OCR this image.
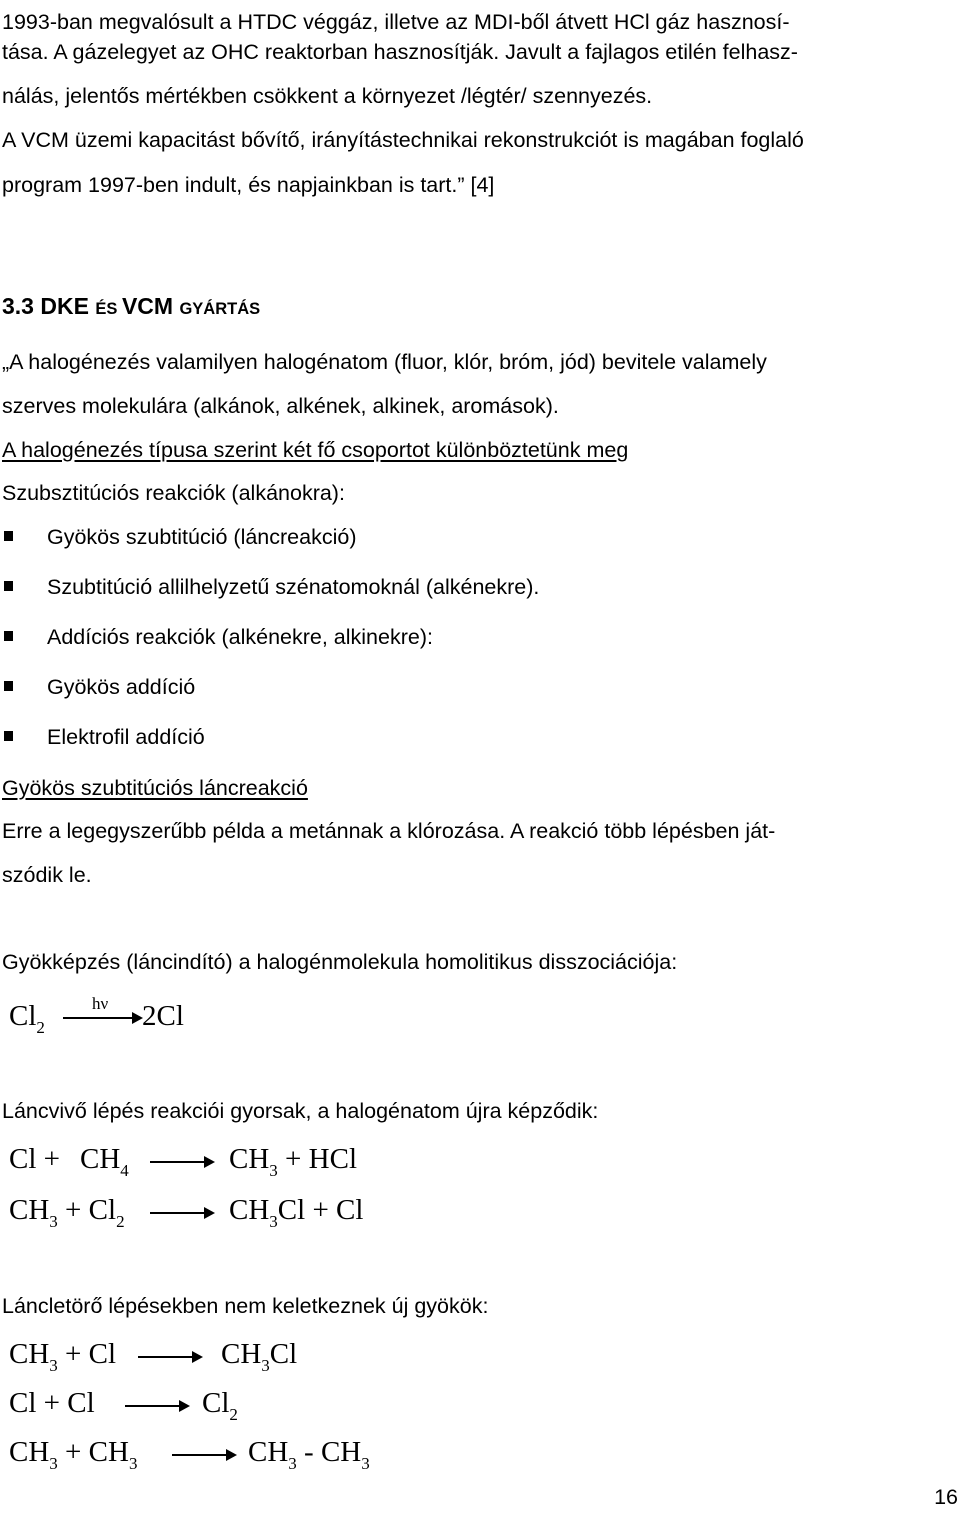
1993-ban megvalósult a HTDC véggáz, illetve az MDI-ből átvett HCl gáz hasznosí-

tása. A gázelegyet az OHC reaktorban hasznosítják. Javult a fajlagos etilén felhasz-

nálás, jelentős mértékben csökkent a környezet /légtér/ szennyezés.

A VCM üzemi kapacitást bővítő, irányítástechnikai rekonstrukciót is magában foglaló

program 1997-ben indult, és napjainkban is tart.” [4]

3.3 DKE ÉS VCM GYÁRTÁS

„A halogénezés valamilyen halogénatom (fluor, klór, bróm, jód) bevitele valamely

szerves molekulára (alkánok, alkének, alkinek, aromások).

A halogénezés típusa szerint két fő csoportot különböztetünk meg

Szubsztitúciós reakciók (alkánokra):

Gyökös szubtitúció (láncreakció)
Szubtitúció allilhelyzetű szénatomoknál (alkénekre).
Addíciós reakciók (alkénekre, alkinekre):
Gyökös addíció
Elektrofil addíció

Gyökös szubtitúciós láncreakció

Erre a legegyszerűbb példa a metánnak a klórozása. A reakció több lépésben ját-

szódik le.

Gyökképzés (láncindító) a halogénmolekula homolitikus disszociációja:

$Cl_2$
hν 2Cl

Láncvivő lépés reakciói gyorsak, a halogénatom újra képződik:

$Cl + CH_4 \to CH_3$ + HCl
$CH_3 + Cl_2 \to CH_3Cl + Cl$

Láncletörő lépésekben nem keletkeznek új gyökök:

$CH_3 + Cl \to CH_3Cl$
$Cl + Cl \to Cl_2$
$CH_3 + CH_3 \to CH_3 - CH_3$
16
